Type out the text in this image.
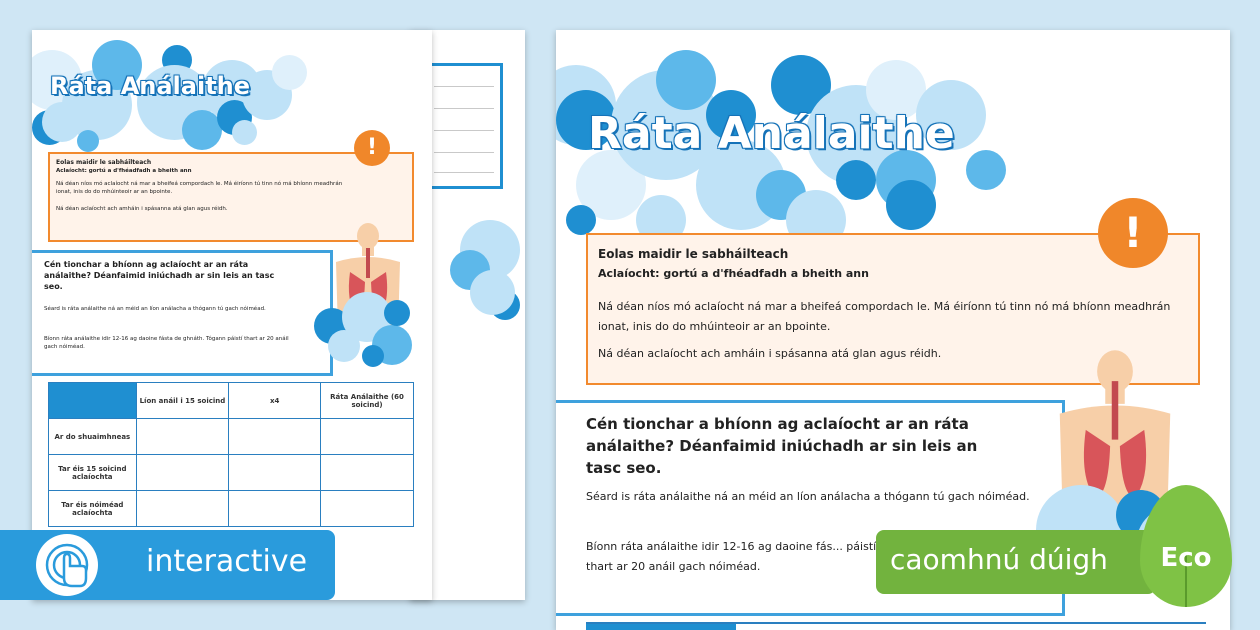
Ráta Análaithe
Eolas maidir le sabháilteach
Aclaíocht: gortú a d'fhéadfadh a bheith ann
Ná déan níos mó aclaíocht ná mar a bheifeá compordach le. Má éiríonn tú tinn nó má bhíonn meadhrán ionat, inis do do mhúinteoir ar an bpointe.
Ná déan aclaíocht ach amháin i spásanna atá glan agus réidh.
!
Cén tionchar a bhíonn ag aclaíocht ar an ráta análaithe? Déanfaimid iniúchadh ar sin leis an tasc seo.
Séard is ráta análaithe ná an méid an líon análacha a thógann tú gach nóiméad.
Bíonn ráta análaithe idir 12-16 ag daoine fásta de ghnáth. Tógann páistí thart ar 20 anáil gach nóiméad.
	Líon anáil i 15 soicind	x4	Ráta Análaithe (60 soicind)
Ar do shuaimhneas			
Tar éis 15 soicind aclaíochta			
Tar éis nóiméad aclaíochta			
Ráta Análaithe
Eolas maidir le sabháilteach
Aclaíocht: gortú a d'fhéadfadh a bheith ann
Ná déan níos mó aclaíocht ná mar a bheifeá compordach le. Má éiríonn tú tinn nó má bhíonn meadhrán ionat, inis do do mhúinteoir ar an bpointe.
Ná déan aclaíocht ach amháin i spásanna atá glan agus réidh.
!
Cén tionchar a bhíonn ag aclaíocht ar an ráta análaithe? Déanfaimid iniúchadh ar sin leis an tasc seo.
Séard is ráta análaithe ná an méid an líon análacha a thógann tú gach nóiméad.
Bíonn ráta análaithe idir 12-16 ag daoine fás... páistí thart ar 20 anáil gach nóiméad.
interactive	caomhnú dúigh	Eco
